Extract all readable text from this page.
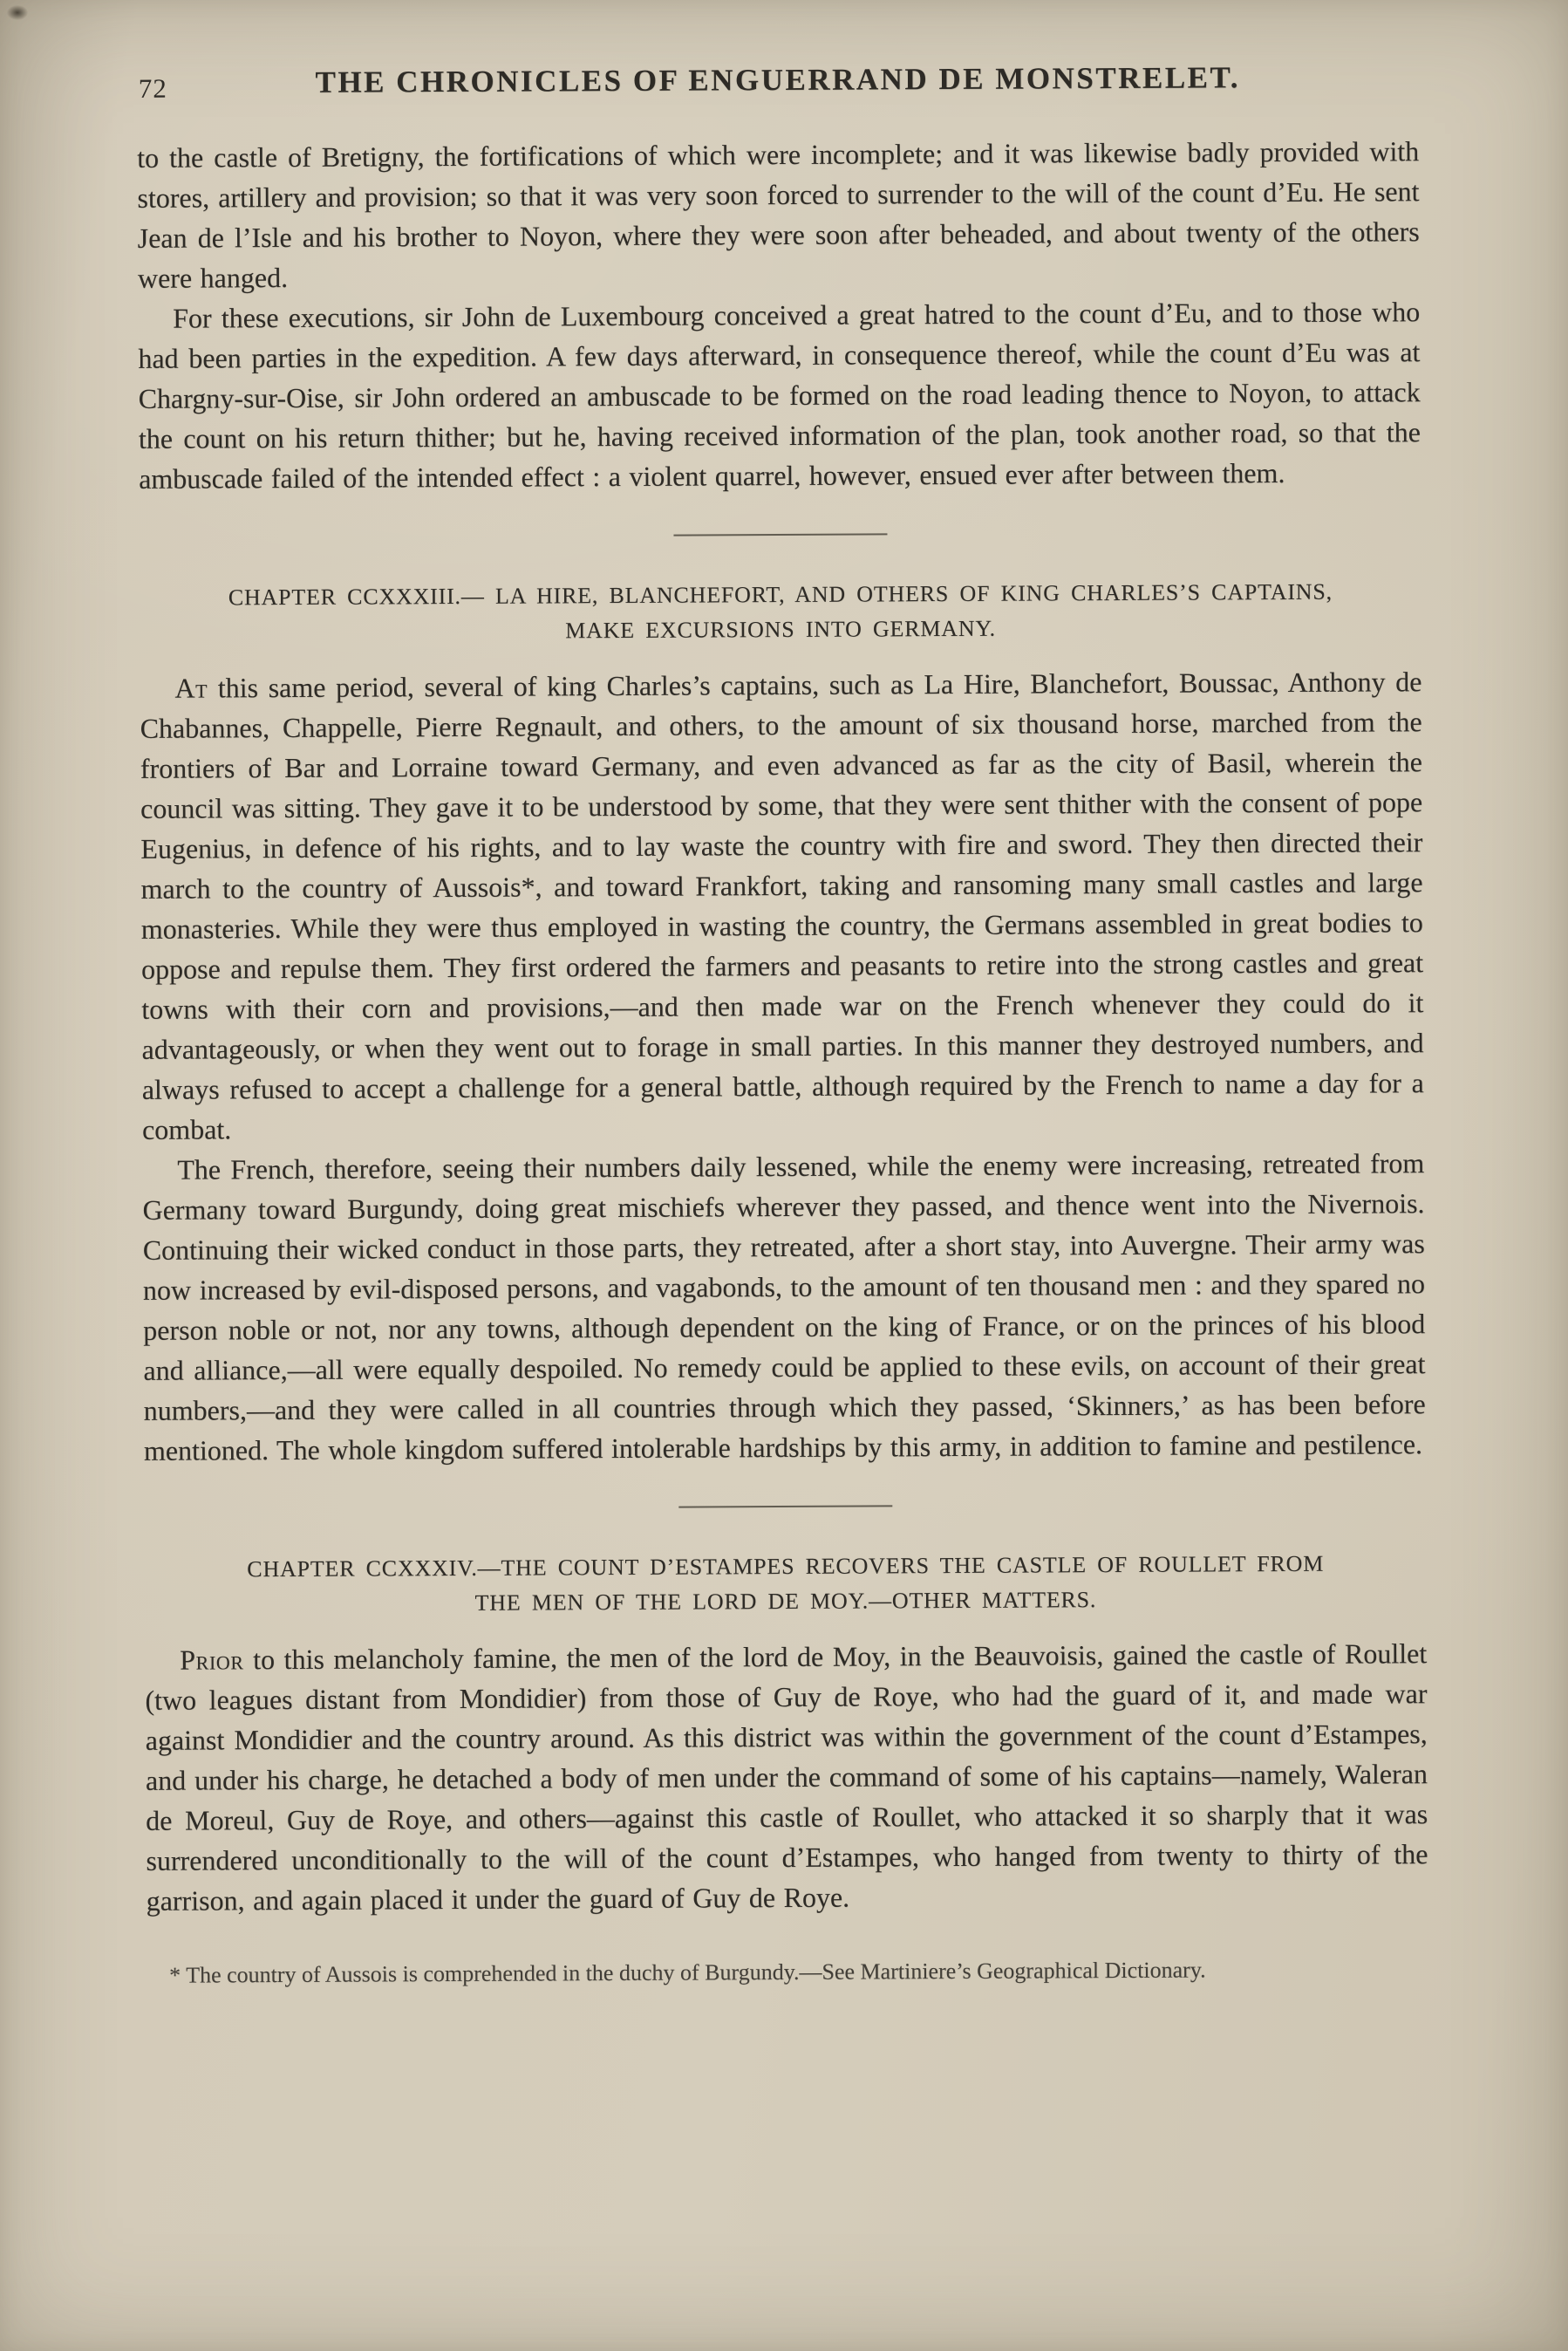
72	THE CHRONICLES OF ENGUERRAND DE MONSTRELET.

to the castle of Bretigny, the fortifications of which were incomplete; and it was likewise badly provided with stores, artillery and provision; so that it was very soon forced to surrender to the will of the count d’Eu. He sent Jean de l’Isle and his brother to Noyon, where they were soon after beheaded, and about twenty of the others were hanged.

For these executions, sir John de Luxembourg conceived a great hatred to the count d’Eu, and to those who had been parties in the expedition. A few days afterward, in consequence thereof, while the count d’Eu was at Chargny-sur-Oise, sir John ordered an ambuscade to be formed on the road leading thence to Noyon, to attack the count on his return thither; but he, having received information of the plan, took another road, so that the ambuscade failed of the intended effect : a violent quarrel, however, ensued ever after between them.

CHAPTER CCXXXIII.— LA HIRE, BLANCHEFORT, AND OTHERS OF KING CHARLES’S CAPTAINS,
MAKE EXCURSIONS INTO GERMANY.

At this same period, several of king Charles’s captains, such as La Hire, Blanchefort, Boussac, Anthony de Chabannes, Chappelle, Pierre Regnault, and others, to the amount of six thousand horse, marched from the frontiers of Bar and Lorraine toward Germany, and even advanced as far as the city of Basil, wherein the council was sitting. They gave it to be understood by some, that they were sent thither with the consent of pope Eugenius, in defence of his rights, and to lay waste the country with fire and sword. They then directed their march to the country of Aussois*, and toward Frankfort, taking and ransoming many small castles and large monasteries. While they were thus employed in wasting the country, the Germans assembled in great bodies to oppose and repulse them. They first ordered the farmers and peasants to retire into the strong castles and great towns with their corn and provisions,—and then made war on the French whenever they could do it advantageously, or when they went out to forage in small parties. In this manner they destroyed numbers, and always refused to accept a challenge for a general battle, although required by the French to name a day for a combat.

The French, therefore, seeing their numbers daily lessened, while the enemy were increasing, retreated from Germany toward Burgundy, doing great mischiefs wherever they passed, and thence went into the Nivernois. Continuing their wicked conduct in those parts, they retreated, after a short stay, into Auvergne. Their army was now increased by evil-disposed persons, and vagabonds, to the amount of ten thousand men : and they spared no person noble or not, nor any towns, although dependent on the king of France, or on the princes of his blood and alliance,—all were equally despoiled. No remedy could be applied to these evils, on account of their great numbers,—and they were called in all countries through which they passed, ‘Skinners,’ as has been before mentioned. The whole kingdom suffered intolerable hardships by this army, in addition to famine and pestilence.

CHAPTER CCXXXIV.—THE COUNT D’ESTAMPES RECOVERS THE CASTLE OF ROULLET FROM
THE MEN OF THE LORD DE MOY.—OTHER MATTERS.

Prior to this melancholy famine, the men of the lord de Moy, in the Beauvoisis, gained the castle of Roullet (two leagues distant from Mondidier) from those of Guy de Roye, who had the guard of it, and made war against Mondidier and the country around. As this district was within the government of the count d’Estampes, and under his charge, he detached a body of men under the command of some of his captains—namely, Waleran de Moreul, Guy de Roye, and others—against this castle of Roullet, who attacked it so sharply that it was surrendered unconditionally to the will of the count d’Estampes, who hanged from twenty to thirty of the garrison, and again placed it under the guard of Guy de Roye.

* The country of Aussois is comprehended in the duchy of Burgundy.—See Martiniere’s Geographical Dictionary.
